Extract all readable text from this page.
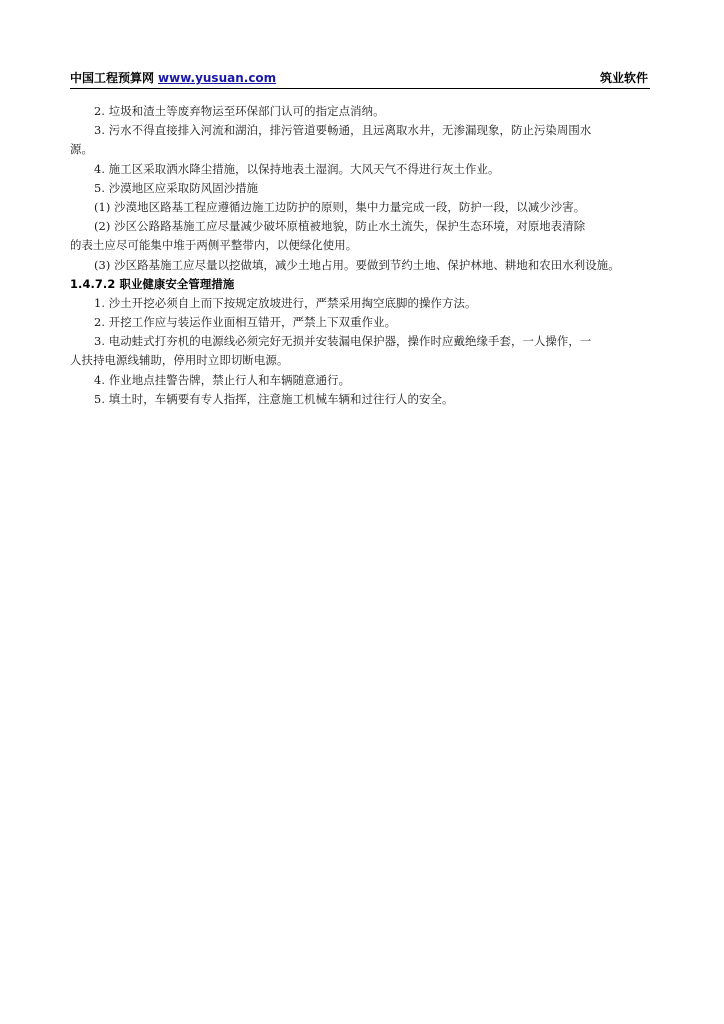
中国工程预算网 www.yusuan.com	筑业软件
2. 垃圾和渣土等废弃物运至环保部门认可的指定点消纳。
3. 污水不得直接排入河流和湖泊，排污管道要畅通，且远离取水井，无渗漏现象，防止污染周围水
源。
4. 施工区采取洒水降尘措施，以保持地表土湿润。大风天气不得进行灰土作业。
5. 沙漠地区应采取防风固沙措施
(1) 沙漠地区路基工程应遵循边施工边防护的原则，集中力量完成一段，防护一段，以减少沙害。
(2) 沙区公路路基施工应尽量减少破坏原植被地貌，防止水土流失，保护生态环境，对原地表清除
的表土应尽可能集中堆于两侧平整带内，以便绿化使用。
(3) 沙区路基施工应尽量以挖做填，减少土地占用。要做到节约土地、保护林地、耕地和农田水利设施。
1.4.7.2 职业健康安全管理措施
1. 沙土开挖必须自上而下按规定放坡进行，严禁采用掏空底脚的操作方法。
2. 开挖工作应与装运作业面相互错开，严禁上下双重作业。
3. 电动蛙式打夯机的电源线必须完好无损并安装漏电保护器，操作时应戴绝缘手套，一人操作，一
人扶持电源线辅助，停用时立即切断电源。
4. 作业地点挂警告牌，禁止行人和车辆随意通行。
5. 填土时，车辆要有专人指挥，注意施工机械车辆和过往行人的安全。
